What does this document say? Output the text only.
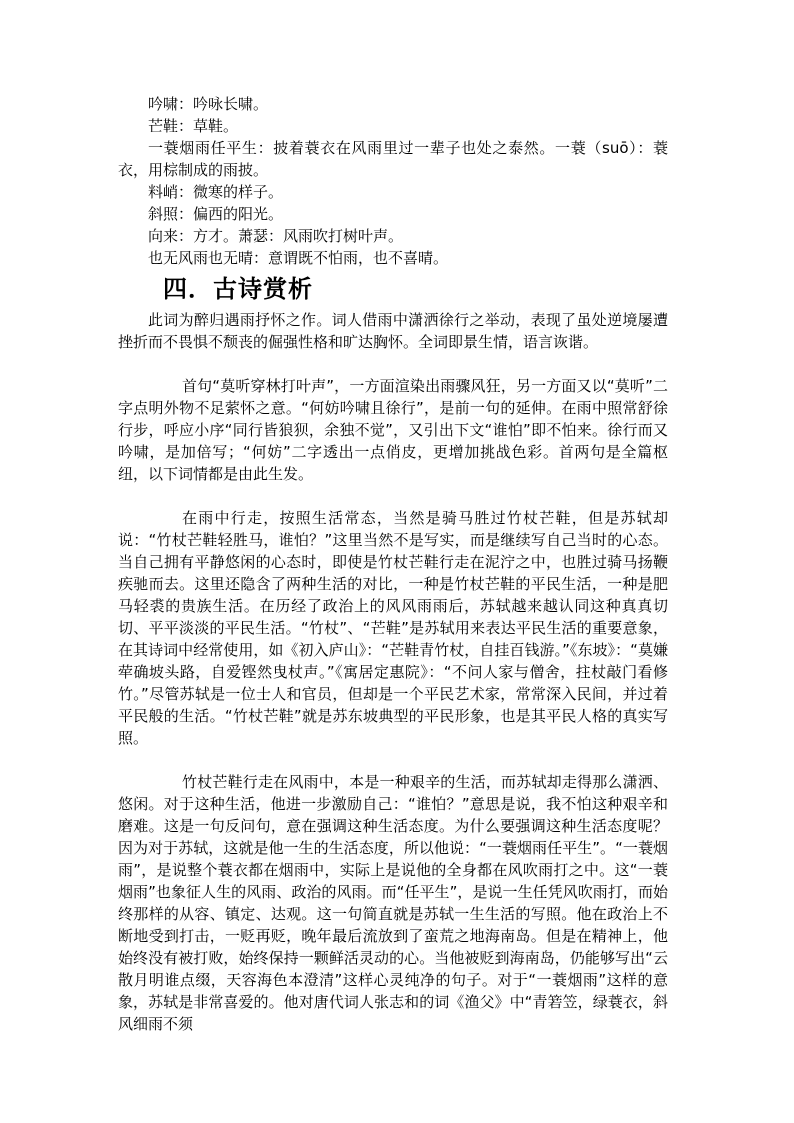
吟啸：吟咏长啸。

芒鞋：草鞋。

一蓑烟雨任平生：披着蓑衣在风雨里过一辈子也处之泰然。一蓑（suō）：蓑衣，用棕制成的雨披。

料峭：微寒的样子。

斜照：偏西的阳光。

向来：方才。萧瑟：风雨吹打树叶声。

也无风雨也无晴：意谓既不怕雨，也不喜晴。

四．古诗赏析

此词为醉归遇雨抒怀之作。词人借雨中潇洒徐行之举动，表现了虽处逆境屡遭挫折而不畏惧不颓丧的倔强性格和旷达胸怀。全词即景生情，语言诙谐。

首句“莫听穿林打叶声”，一方面渲染出雨骤风狂，另一方面又以“莫听”二字点明外物不足萦怀之意。“何妨吟啸且徐行”，是前一句的延伸。在雨中照常舒徐行步，呼应小序“同行皆狼狈，余独不觉”，又引出下文“谁怕”即不怕来。徐行而又吟啸，是加倍写；“何妨”二字透出一点俏皮，更增加挑战色彩。首两句是全篇枢纽，以下词情都是由此生发。

在雨中行走，按照生活常态，当然是骑马胜过竹杖芒鞋，但是苏轼却说：“竹杖芒鞋轻胜马，谁怕？”这里当然不是写实，而是继续写自己当时的心态。当自己拥有平静悠闲的心态时，即使是竹杖芒鞋行走在泥泞之中，也胜过骑马扬鞭疾驰而去。这里还隐含了两种生活的对比，一种是竹杖芒鞋的平民生活，一种是肥马轻裘的贵族生活。在历经了政治上的风风雨雨后，苏轼越来越认同这种真真切切、平平淡淡的平民生活。“竹杖”、“芒鞋”是苏轼用来表达平民生活的重要意象，在其诗词中经常使用，如《初入庐山》：“芒鞋青竹杖，自挂百钱游。”《东坡》：“莫嫌荦确坡头路，自爱铿然曳杖声。”《寓居定惠院》：“不问人家与僧舍，拄杖敲门看修竹。”尽管苏轼是一位士人和官员，但却是一个平民艺术家，常常深入民间，并过着平民般的生活。“竹杖芒鞋”就是苏东坡典型的平民形象，也是其平民人格的真实写照。

竹杖芒鞋行走在风雨中，本是一种艰辛的生活，而苏轼却走得那么潇洒、悠闲。对于这种生活，他进一步激励自己：“谁怕？”意思是说，我不怕这种艰辛和磨难。这是一句反问句，意在强调这种生活态度。为什么要强调这种生活态度呢？因为对于苏轼，这就是他一生的生活态度，所以他说：“一蓑烟雨任平生”。“一蓑烟雨”，是说整个蓑衣都在烟雨中，实际上是说他的全身都在风吹雨打之中。这“一蓑烟雨”也象征人生的风雨、政治的风雨。而“任平生”，是说一生任凭风吹雨打，而始终那样的从容、镇定、达观。这一句简直就是苏轼一生生活的写照。他在政治上不断地受到打击，一贬再贬，晚年最后流放到了蛮荒之地海南岛。但是在精神上，他始终没有被打败，始终保持一颗鲜活灵动的心。当他被贬到海南岛，仍能够写出“云散月明谁点缀，天容海色本澄清”这样心灵纯净的句子。对于“一蓑烟雨”这样的意象，苏轼是非常喜爱的。他对唐代词人张志和的词《渔父》中“青箬笠，绿蓑衣，斜风细雨不须
